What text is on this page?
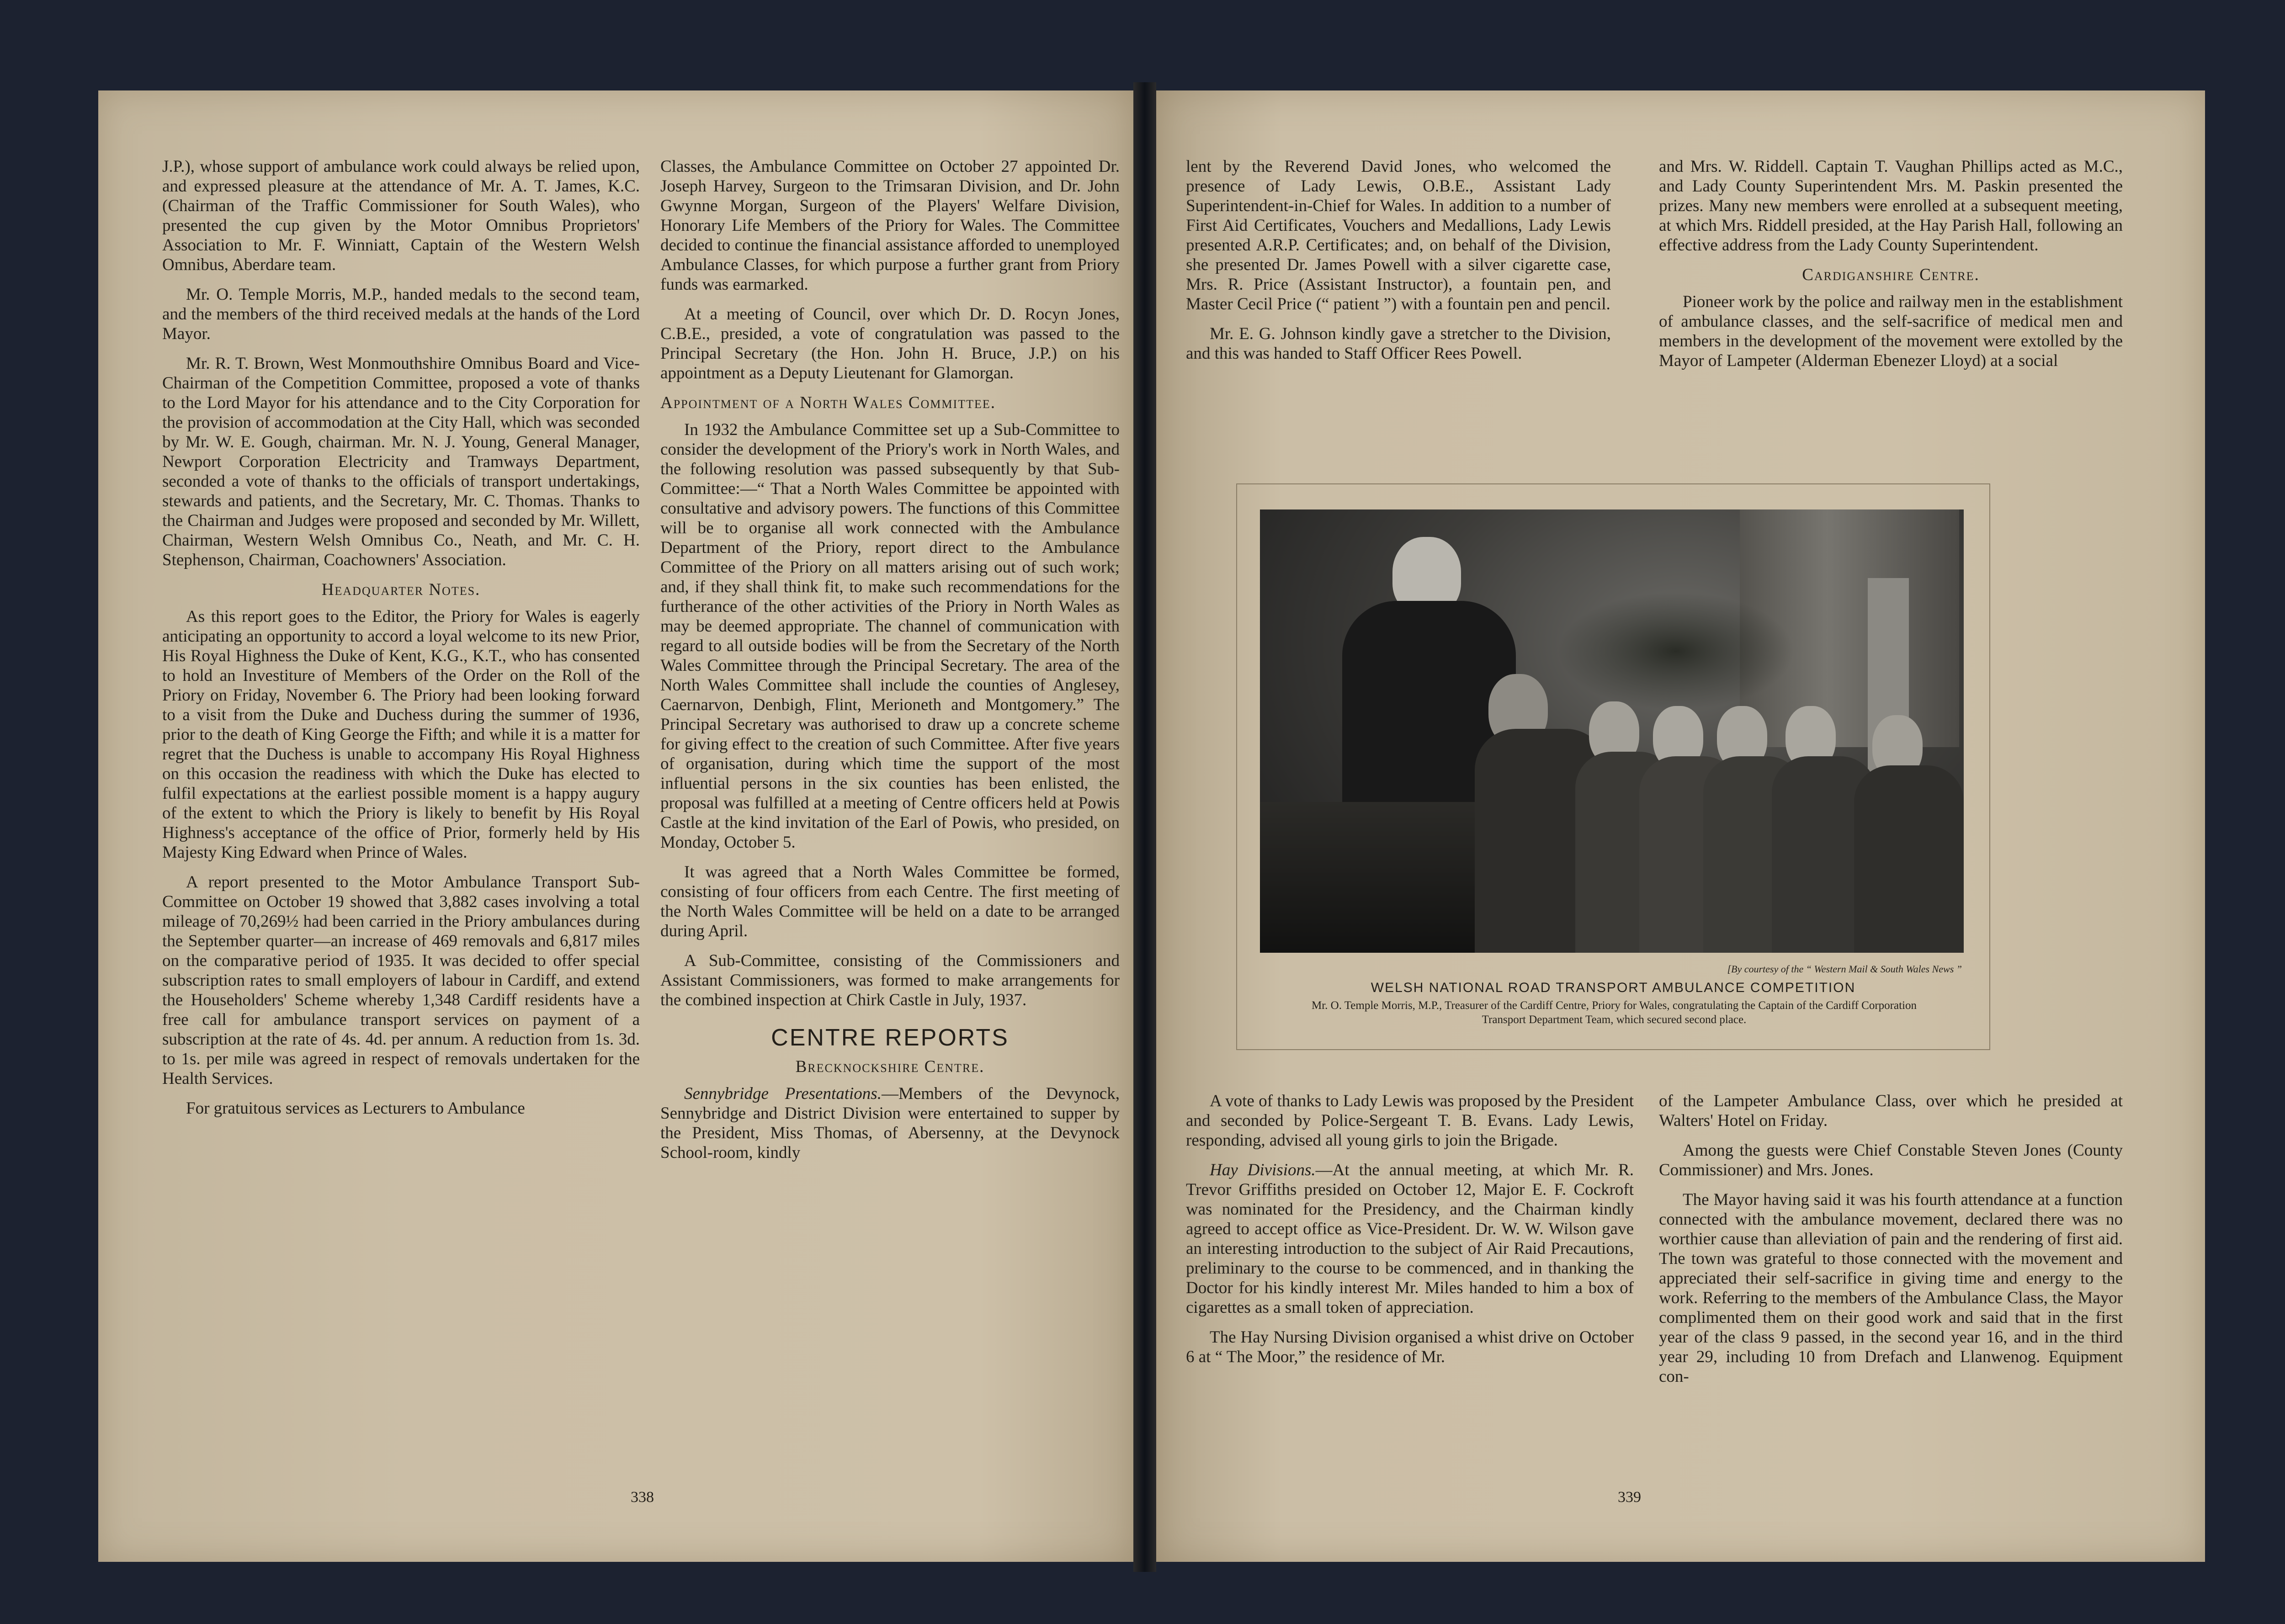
J.P.), whose support of ambulance work could always be relied upon, and expressed pleasure at the attendance of Mr. A. T. James, K.C. (Chairman of the Traffic Commissioner for South Wales), who presented the cup given by the Motor Omnibus Proprietors' Association to Mr. F. Winniatt, Captain of the Western Welsh Omnibus, Aberdare team.

Mr. O. Temple Morris, M.P., handed medals to the second team, and the members of the third received medals at the hands of the Lord Mayor.

Mr. R. T. Brown, West Monmouthshire Omnibus Board and Vice-Chairman of the Competition Committee, proposed a vote of thanks to the Lord Mayor for his attendance and to the City Corporation for the provision of accommodation at the City Hall, which was seconded by Mr. W. E. Gough, chairman. Mr. N. J. Young, General Manager, Newport Corporation Electricity and Tramways Department, seconded a vote of thanks to the officials of transport undertakings, stewards and patients, and the Secretary, Mr. C. Thomas. Thanks to the Chairman and Judges were proposed and seconded by Mr. Willett, Chairman, Western Welsh Omnibus Co., Neath, and Mr. C. H. Stephenson, Chairman, Coachowners' Association.

Headquarter Notes.

As this report goes to the Editor, the Priory for Wales is eagerly anticipating an opportunity to accord a loyal welcome to its new Prior, His Royal Highness the Duke of Kent, K.G., K.T., who has consented to hold an Investiture of Members of the Order on the Roll of the Priory on Friday, November 6. The Priory had been looking forward to a visit from the Duke and Duchess during the summer of 1936, prior to the death of King George the Fifth; and while it is a matter for regret that the Duchess is unable to accompany His Royal Highness on this occasion the readiness with which the Duke has elected to fulfil expectations at the earliest possible moment is a happy augury of the extent to which the Priory is likely to benefit by His Royal Highness's acceptance of the office of Prior, formerly held by His Majesty King Edward when Prince of Wales.

A report presented to the Motor Ambulance Transport Sub-Committee on October 19 showed that 3,882 cases involving a total mileage of 70,269½ had been carried in the Priory ambulances during the September quarter—an increase of 469 removals and 6,817 miles on the comparative period of 1935. It was decided to offer special subscription rates to small employers of labour in Cardiff, and extend the Householders' Scheme whereby 1,348 Cardiff residents have a free call for ambulance transport services on payment of a subscription at the rate of 4s. 4d. per annum. A reduction from 1s. 3d. to 1s. per mile was agreed in respect of removals undertaken for the Health Services.

For gratuitous services as Lecturers to Ambulance

Classes, the Ambulance Committee on October 27 appointed Dr. Joseph Harvey, Surgeon to the Trimsaran Division, and Dr. John Gwynne Morgan, Surgeon of the Players' Welfare Division, Honorary Life Members of the Priory for Wales. The Committee decided to continue the financial assistance afforded to unemployed Ambulance Classes, for which purpose a further grant from Priory funds was earmarked.

At a meeting of Council, over which Dr. D. Rocyn Jones, C.B.E., presided, a vote of congratulation was passed to the Principal Secretary (the Hon. John H. Bruce, J.P.) on his appointment as a Deputy Lieutenant for Glamorgan.

Appointment of a North Wales Committee.

In 1932 the Ambulance Committee set up a Sub-Committee to consider the development of the Priory's work in North Wales, and the following resolution was passed subsequently by that Sub-Committee:—“ That a North Wales Committee be appointed with consultative and advisory powers. The functions of this Committee will be to organise all work connected with the Ambulance Department of the Priory, report direct to the Ambulance Committee of the Priory on all matters arising out of such work; and, if they shall think fit, to make such recommendations for the furtherance of the other activities of the Priory in North Wales as may be deemed appropriate. The channel of communication with regard to all outside bodies will be from the Secretary of the North Wales Committee through the Principal Secretary. The area of the North Wales Committee shall include the counties of Anglesey, Caernarvon, Denbigh, Flint, Merioneth and Montgomery.” The Principal Secretary was authorised to draw up a concrete scheme for giving effect to the creation of such Committee. After five years of organisation, during which time the support of the most influential persons in the six counties has been enlisted, the proposal was fulfilled at a meeting of Centre officers held at Powis Castle at the kind invitation of the Earl of Powis, who presided, on Monday, October 5.

It was agreed that a North Wales Committee be formed, consisting of four officers from each Centre. The first meeting of the North Wales Committee will be held on a date to be arranged during April.

A Sub-Committee, consisting of the Commissioners and Assistant Commissioners, was formed to make arrangements for the combined inspection at Chirk Castle in July, 1937.

CENTRE REPORTS
Brecknockshire Centre.

Sennybridge Presentations.—Members of the Devynock, Sennybridge and District Division were entertained to supper by the President, Miss Thomas, of Abersenny, at the Devynock School-room, kindly

338

lent by the Reverend David Jones, who welcomed the presence of Lady Lewis, O.B.E., Assistant Lady Superintendent-in-Chief for Wales. In addition to a number of First Aid Certificates, Vouchers and Medallions, Lady Lewis presented A.R.P. Certificates; and, on behalf of the Division, she presented Dr. James Powell with a silver cigarette case, Mrs. R. Price (Assistant Instructor), a fountain pen, and Master Cecil Price (“ patient ”) with a fountain pen and pencil.

Mr. E. G. Johnson kindly gave a stretcher to the Division, and this was handed to Staff Officer Rees Powell.

and Mrs. W. Riddell. Captain T. Vaughan Phillips acted as M.C., and Lady County Superintendent Mrs. M. Paskin presented the prizes. Many new members were enrolled at a subsequent meeting, at which Mrs. Riddell presided, at the Hay Parish Hall, following an effective address from the Lady County Superintendent.

Cardiganshire Centre.

Pioneer work by the police and railway men in the establishment of ambulance classes, and the self-sacrifice of medical men and members in the development of the movement were extolled by the Mayor of Lampeter (Alderman Ebenezer Lloyd) at a social

[By courtesy of the “ Western Mail & South Wales News ”
WELSH NATIONAL ROAD TRANSPORT AMBULANCE COMPETITION
Mr. O. Temple Morris, M.P., Treasurer of the Cardiff Centre, Priory for Wales, congratulating the Captain of the Cardiff Corporation Transport Department Team, which secured second place.

A vote of thanks to Lady Lewis was proposed by the President and seconded by Police-Sergeant T. B. Evans. Lady Lewis, responding, advised all young girls to join the Brigade.

Hay Divisions.—At the annual meeting, at which Mr. R. Trevor Griffiths presided on October 12, Major E. F. Cockroft was nominated for the Presidency, and the Chairman kindly agreed to accept office as Vice-President. Dr. W. W. Wilson gave an interesting introduction to the subject of Air Raid Precautions, preliminary to the course to be commenced, and in thanking the Doctor for his kindly interest Mr. Miles handed to him a box of cigarettes as a small token of appreciation.

The Hay Nursing Division organised a whist drive on October 6 at “ The Moor,” the residence of Mr.

of the Lampeter Ambulance Class, over which he presided at Walters' Hotel on Friday.

Among the guests were Chief Constable Steven Jones (County Commissioner) and Mrs. Jones.

The Mayor having said it was his fourth attendance at a function connected with the ambulance movement, declared there was no worthier cause than alleviation of pain and the rendering of first aid. The town was grateful to those connected with the movement and appreciated their self-sacrifice in giving time and energy to the work. Referring to the members of the Ambulance Class, the Mayor complimented them on their good work and said that in the first year of the class 9 passed, in the second year 16, and in the third year 29, including 10 from Drefach and Llanwenog. Equipment con-

339
